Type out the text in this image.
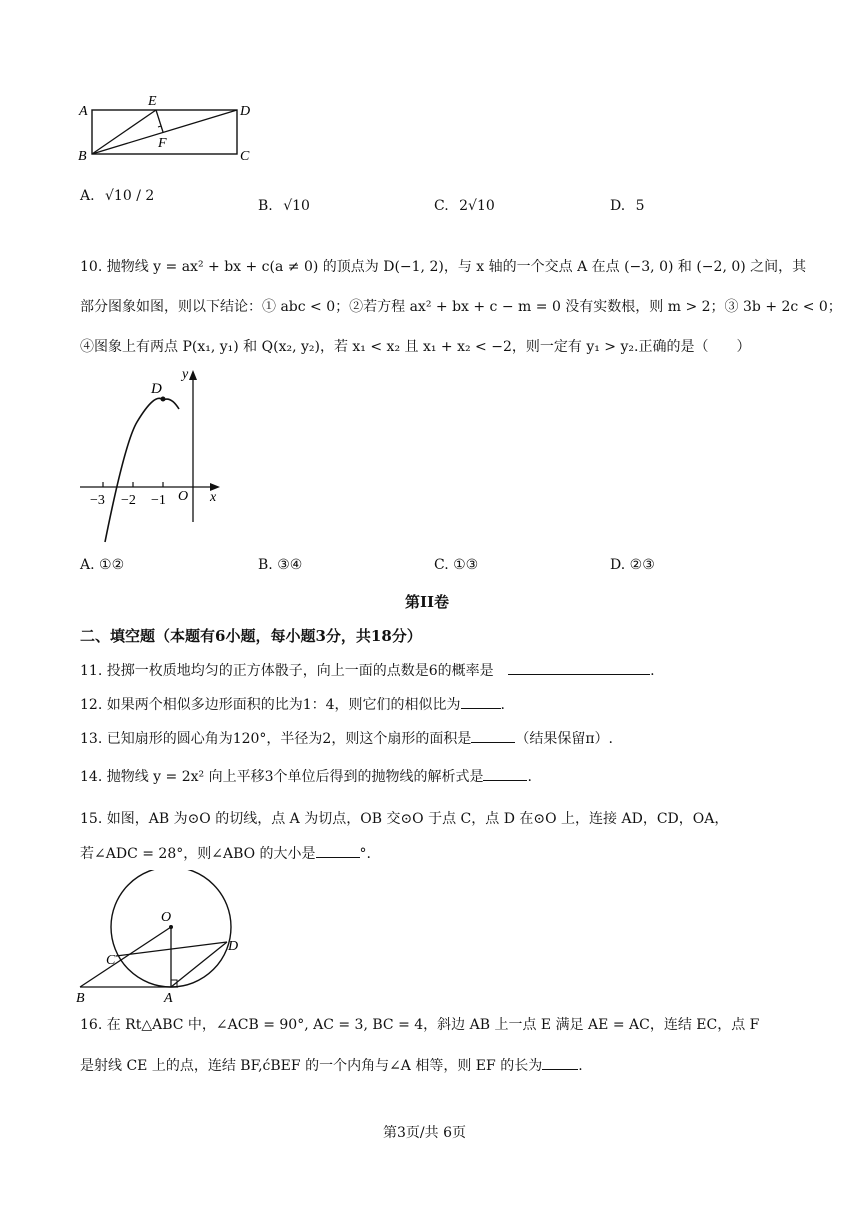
A
E
D
F
B	C
A. √10 / 2
B. √10	C. 2√10	D. 5
10. 抛物线 y = ax² + bx + c(a ≠ 0) 的顶点为 D(−1, 2)，与 x 轴的一个交点 A 在点 (−3, 0) 和 (−2, 0) 之间，其
部分图象如图，则以下结论：① abc < 0；②若方程 ax² + bx + c − m = 0 没有实数根，则 m > 2；③ 3b + 2c < 0；
④图象上有两点 P(x₁, y₁) 和 Q(x₂, y₂)，若 x₁ < x₂ 且 x₁ + x₂ < −2，则一定有 y₁ > y₂.正确的是（　　）
D
y
x
O
−3 −2 −1
A. ①②	B. ③④	C. ①③	D. ②③
第II卷
二、填空题（本题有6小题，每小题3分，共18分）
11. 投掷一枚质地均匀的正方体骰子，向上一面的点数是6的概率是	.
12. 如果两个相似多边形面积的比为1：4，则它们的相似比为	.
13. 已知扇形的圆心角为120°，半径为2，则这个扇形的面积是	（结果保留π）.
14. 抛物线 y = 2x² 向上平移3个单位后得到的抛物线的解析式是	.
15. 如图，AB 为⊙O 的切线，点 A 为切点，OB 交⊙O 于点 C，点 D 在⊙O 上，连接 AD，CD，OA，
若∠ADC = 28°，则∠ABO 的大小是	°.
O
C
D
B	A
16. 在 Rt△ABC 中，∠ACB = 90°, AC = 3, BC = 4，斜边 AB 上一点 E 满足 AE = AC，连结 EC，点 F
是射线 CE 上的点，连结 BF,ćBEF 的一个内角与∠A 相等，则 EF 的长为	.
第3页/共 6页
